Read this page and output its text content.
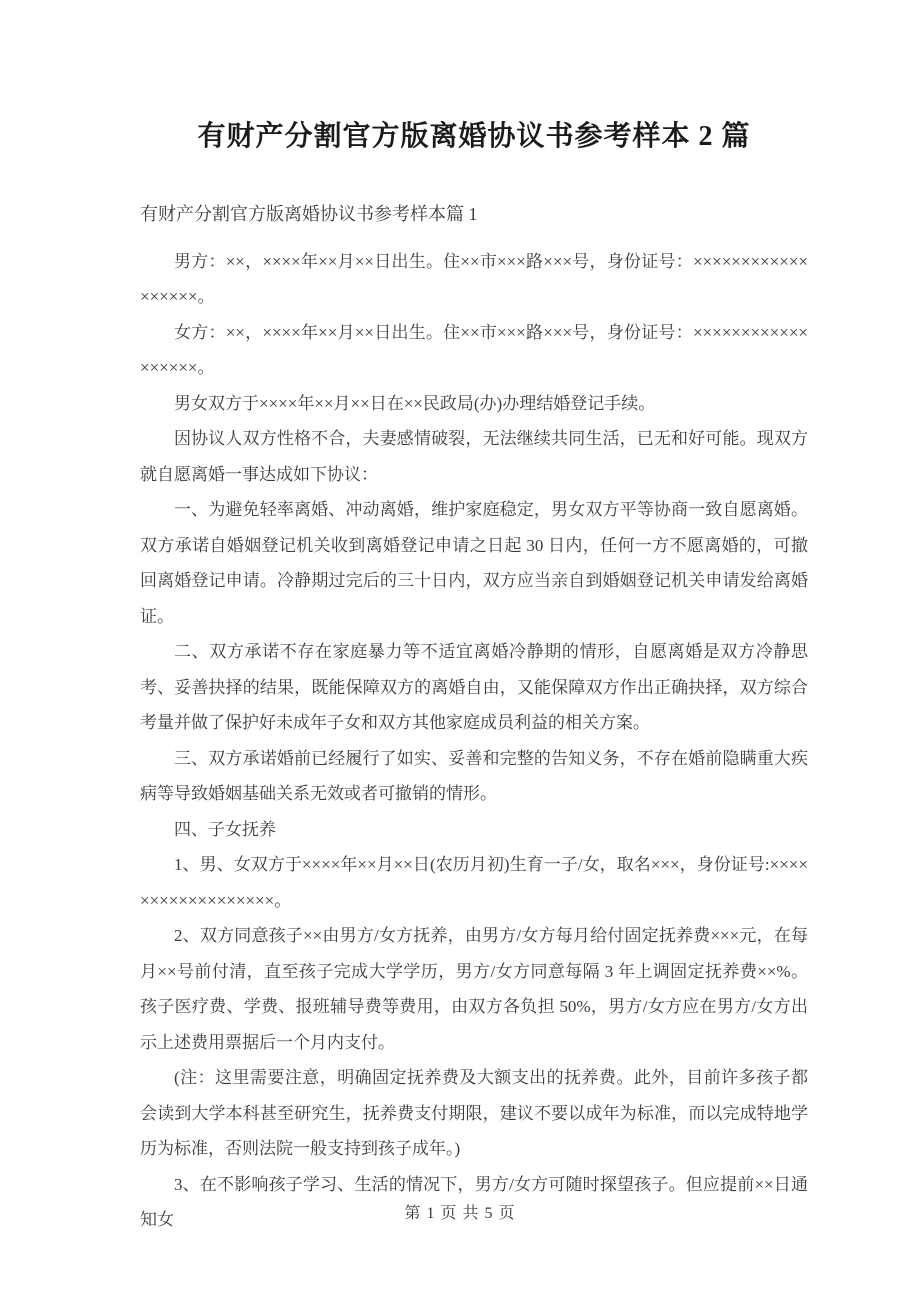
有财产分割官方版离婚协议书参考样本 2 篇

有财产分割官方版离婚协议书参考样本篇 1

男方：××，××××年××月××日出生。住××市×××路×××号，身份证号：××××××××××××××××××。

女方：××，××××年××月××日出生。住××市×××路×××号，身份证号：××××××××××××××××××。

男女双方于××××年××月××日在××民政局(办)办理结婚登记手续。

因协议人双方性格不合，夫妻感情破裂，无法继续共同生活，已无和好可能。现双方就自愿离婚一事达成如下协议：

一、为避免轻率离婚、冲动离婚，维护家庭稳定，男女双方平等协商一致自愿离婚。双方承诺自婚姻登记机关收到离婚登记申请之日起 30 日内，任何一方不愿离婚的，可撤回离婚登记申请。冷静期过完后的三十日内，双方应当亲自到婚姻登记机关申请发给离婚证。

二、双方承诺不存在家庭暴力等不适宜离婚冷静期的情形，自愿离婚是双方冷静思考、妥善抉择的结果，既能保障双方的离婚自由，又能保障双方作出正确抉择，双方综合考量并做了保护好未成年子女和双方其他家庭成员利益的相关方案。

三、双方承诺婚前已经履行了如实、妥善和完整的告知义务，不存在婚前隐瞒重大疾病等导致婚姻基础关系无效或者可撤销的情形。

四、子女抚养

1、男、女双方于××××年××月××日(农历月初)生育一子/女，取名×××，身份证号:××××××××××××××××××。

2、双方同意孩子××由男方/女方抚养，由男方/女方每月给付固定抚养费×××元，在每月××号前付清，直至孩子完成大学学历，男方/女方同意每隔 3 年上调固定抚养费××%。孩子医疗费、学费、报班辅导费等费用，由双方各负担 50%，男方/女方应在男方/女方出示上述费用票据后一个月内支付。

(注：这里需要注意，明确固定抚养费及大额支出的抚养费。此外，目前许多孩子都会读到大学本科甚至研究生，抚养费支付期限，建议不要以成年为标准，而以完成特地学历为标准，否则法院一般支持到孩子成年。)

3、在不影响孩子学习、生活的情况下，男方/女方可随时探望孩子。但应提前××日通知女	第 1 页 共 5 页
